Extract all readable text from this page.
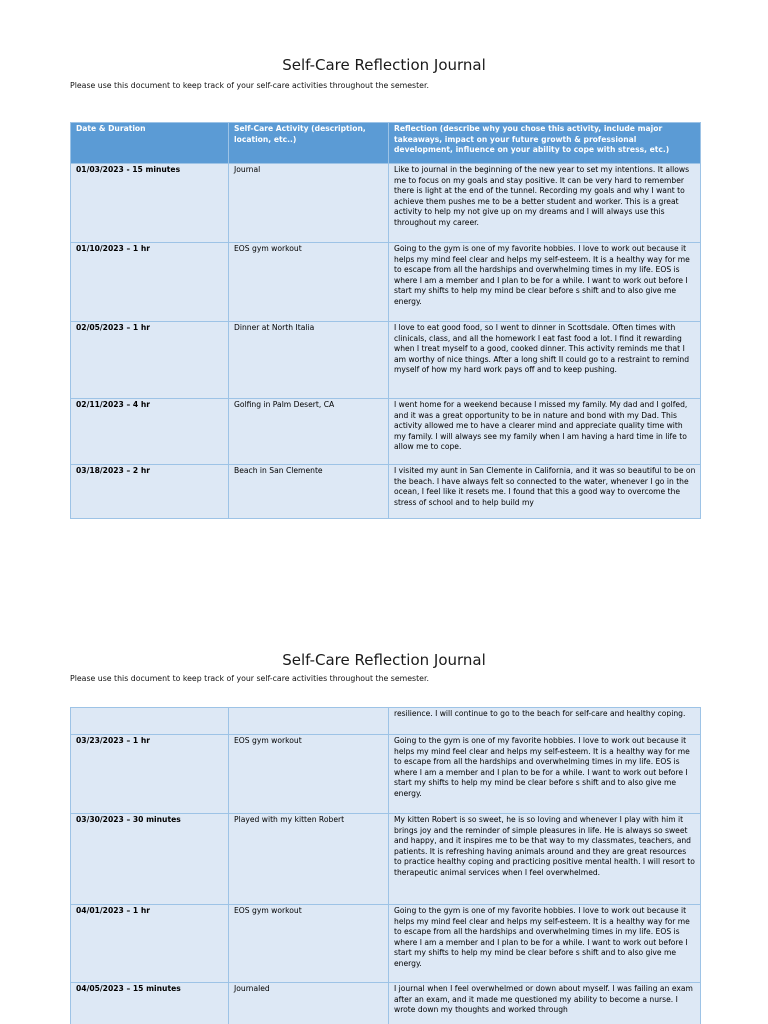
Self-Care Reflection Journal
Please use this document to keep track of your self-care activities throughout the semester.
Date & Duration	Self-Care Activity (description, location, etc..)	Reflection (describe why you chose this activity, include major takeaways, impact on your future growth & professional development, influence on your ability to cope with stress, etc.)
01/03/2023 - 15 minutes	Journal	Like to journal in the beginning of the new year to set my intentions. It allows me to focus on my goals and stay positive. It can be very hard to remember there is light at the end of the tunnel. Recording my goals and why I want to achieve them pushes me to be a better student and worker. This is a great activity to help my not give up on my dreams and I will always use this throughout my career.
01/10/2023 – 1 hr	EOS gym workout	Going to the gym is one of my favorite hobbies. I love to work out because it helps my mind feel clear and helps my self-esteem. It is a healthy way for me to escape from all the hardships and overwhelming times in my life. EOS is where I am a member and I plan to be for a while. I want to work out before I start my shifts to help my mind be clear before s shift and to also give me energy.
02/05/2023 – 1 hr	Dinner at North Italia	I love to eat good food, so I went to dinner in Scottsdale. Often times with clinicals, class, and all the homework I eat fast food a lot. I find it rewarding when I treat myself to a good, cooked dinner. This activity reminds me that I am worthy of nice things. After a long shift II could go to a restraint to remind myself of how my hard work pays off and to keep pushing.
02/11/2023 – 4 hr	Golfing in Palm Desert, CA	I went home for a weekend because I missed my family. My dad and I golfed, and it was a great opportunity to be in nature and bond with my Dad. This activity allowed me to have a clearer mind and appreciate quality time with my family. I will always see my family when I am having a hard time in life to allow me to cope.
03/18/2023 – 2 hr	Beach in San Clemente	I visited my aunt in San Clemente in California, and it was so beautiful to be on the beach. I have always felt so connected to the water, whenever I go in the ocean, I feel like it resets me. I found that this a good way to overcome the stress of school and to help build my
Self-Care Reflection Journal
Please use this document to keep track of your self-care activities throughout the semester.
		resilience. I will continue to go to the beach for self-care and healthy coping.
03/23/2023 – 1 hr	EOS gym workout	Going to the gym is one of my favorite hobbies. I love to work out because it helps my mind feel clear and helps my self-esteem. It is a healthy way for me to escape from all the hardships and overwhelming times in my life. EOS is where I am a member and I plan to be for a while. I want to work out before I start my shifts to help my mind be clear before s shift and to also give me energy.
03/30/2023 – 30 minutes	Played with my kitten Robert	My kitten Robert is so sweet, he is so loving and whenever I play with him it brings joy and the reminder of simple pleasures in life. He is always so sweet and happy, and it inspires me to be that way to my classmates, teachers, and patients. It is refreshing having animals around and they are great resources to practice healthy coping and practicing positive mental health. I will resort to therapeutic animal services when I feel overwhelmed.
04/01/2023 – 1 hr	EOS gym workout	Going to the gym is one of my favorite hobbies. I love to work out because it helps my mind feel clear and helps my self-esteem. It is a healthy way for me to escape from all the hardships and overwhelming times in my life. EOS is where I am a member and I plan to be for a while. I want to work out before I start my shifts to help my mind be clear before s shift and to also give me energy.
04/05/2023 – 15 minutes	Journaled	I journal when I feel overwhelmed or down about myself. I was failing an exam after an exam, and it made me questioned my ability to become a nurse. I wrote down my thoughts and worked through
